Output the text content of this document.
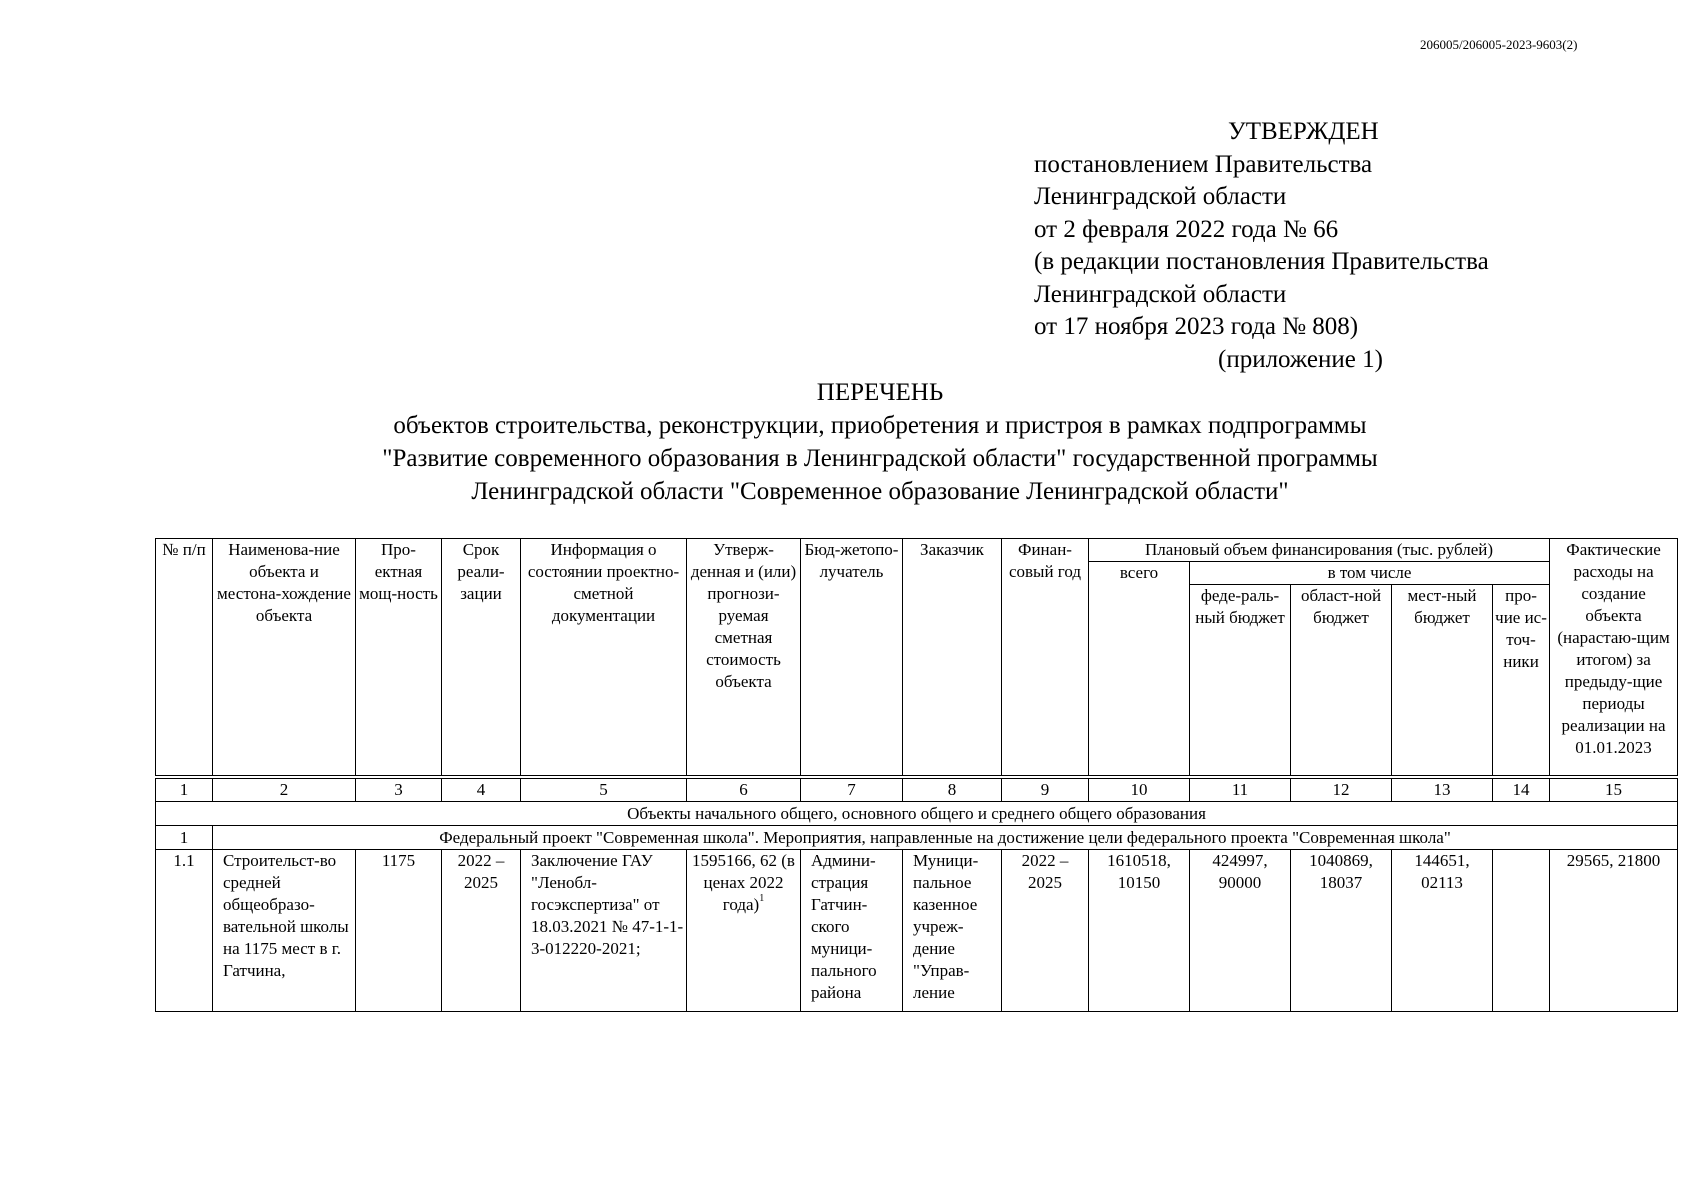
206005/206005-2023-9603(2)
УТВЕРЖДЕН
постановлением Правительства
Ленинградской области
от 2 февраля 2022 года № 66
(в редакции постановления Правительства
Ленинградской области
от 17 ноября 2023 года № 808)
(приложение 1)
ПЕРЕЧЕНЬ
объектов строительства, реконструкции, приобретения и пристроя в рамках подпрограммы
"Развитие современного образования в Ленинградской области" государственной программы
Ленинградской области "Современное образование Ленинградской области"
№ п/п	Наименова-ние объекта и местона-хождение объекта	Про-ектная мощ-ность	Срок реали-зации	Информация о состоянии проектно-сметной документации	Утверж-денная и (или) прогнози-руемая сметная стоимость объекта	Бюд-жетопо-лучатель	Заказчик	Финан-совый год	Плановый объем финансирования (тыс. рублей)					Фактические расходы на создание объекта (нарастаю-щим итогом) за предыду-щие периоды реализации на 01.01.2023
									всего	в том числе				
										феде-раль-ный бюджет	област-ной бюджет	мест-ный бюджет	про-чие ис-точ-ники	

1	2	3	4	5	6	7	8	9	10	11	12	13	14	15
Объекты начального общего, основного общего и среднего общего образования														
1	Федеральный проект "Современная школа". Мероприятия, направленные на достижение цели федерального проекта "Современная школа"													
1.1	Строительст-во средней общеобразо-вательной школы на 1175 мест в г. Гатчина,	1175	2022 – 2025	Заключение ГАУ "Ленобл-госэкспертиза" от 18.03.2021 № 47-1-1-3-012220-2021;	1595166, 62 (в ценах 2022 года)$^1$	Админи-страция Гатчин-ского муници-пального района	Муници-пальное казенное учреж-дение "Управ-ление	2022 – 2025	1610518, 10150	424997, 90000	1040869, 18037	144651, 02113		29565, 21800
